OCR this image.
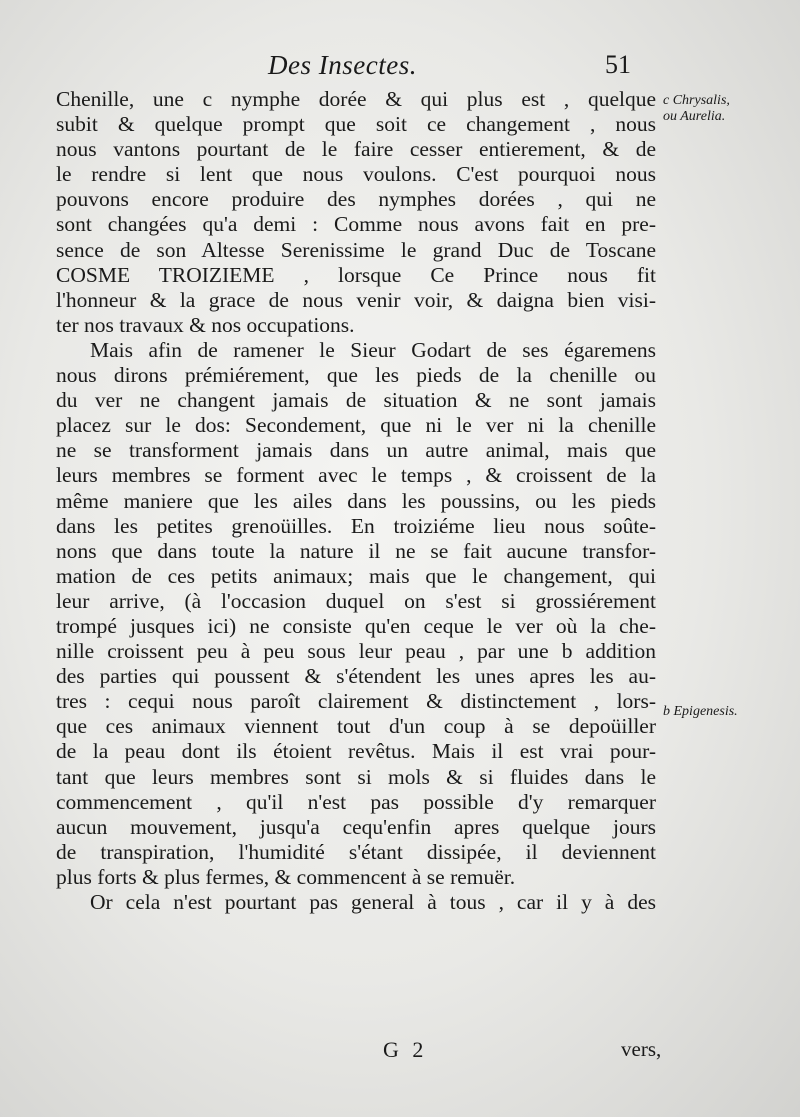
Des Insectes.	51
Chenille, une c nymphe dorée & qui plus est , quelque
subit & quelque prompt que soit ce changement , nous
nous vantons pourtant de le faire cesser entierement, & de
le rendre si lent que nous voulons. C'est pourquoi nous
pouvons encore produire des nymphes dorées , qui ne
sont changées qu'a demi : Comme nous avons fait en pre-
sence de son Altesse Serenissime le grand Duc de Toscane
COSME TROIZIEME , lorsque Ce Prince nous fit
l'honneur & la grace de nous venir voir, & daigna bien visi-
ter nos travaux & nos occupations.
Mais afin de ramener le Sieur Godart de ses égaremens
nous dirons prémiérement, que les pieds de la chenille ou
du ver ne changent jamais de situation & ne sont jamais
placez sur le dos: Secondement, que ni le ver ni la chenille
ne se transforment jamais dans un autre animal, mais que
leurs membres se forment avec le temps , & croissent de la
même maniere que les ailes dans les poussins, ou les pieds
dans les petites grenoüilles. En troiziéme lieu nous soûte-
nons que dans toute la nature il ne se fait aucune transfor-
mation de ces petits animaux; mais que le changement, qui
leur arrive, (à l'occasion duquel on s'est si grossiérement
trompé jusques ici) ne consiste qu'en ceque le ver où la che-
nille croissent peu à peu sous leur peau , par une b addition
des parties qui poussent & s'étendent les unes apres les au-
tres : cequi nous paroît clairement & distinctement , lors-
que ces animaux viennent tout d'un coup à se depoüiller
de la peau dont ils étoient revêtus. Mais il est vrai pour-
tant que leurs membres sont si mols & si fluides dans le
commencement , qu'il n'est pas possible d'y remarquer
aucun mouvement, jusqu'a cequ'enfin apres quelque jours
de transpiration, l'humidité s'étant dissipée, il deviennent
plus forts & plus fermes, & commencent à se remuër.
Or cela n'est pourtant pas general à tous , car il y à des
c Chrysalis, ou Aurelia.
b Epigenesis.
G 2	vers,
